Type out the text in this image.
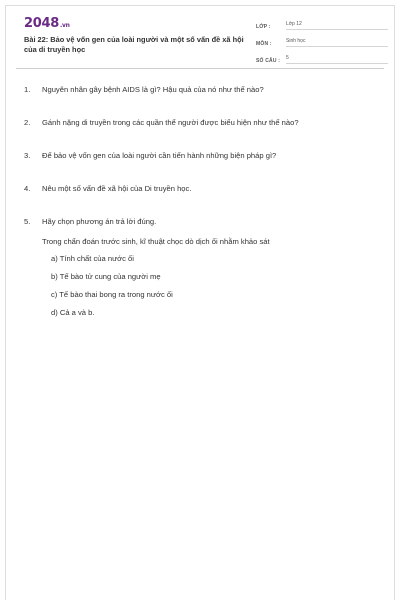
2048.vn
Bài 22: Bảo vệ vốn gen của loài người và một số vấn đề xã hội của di truyền học
LỚP :	Lớp 12
MÔN :	Sinh học
SỐ CÂU :	5
1.	Nguyên nhân gây bệnh AIDS là gì? Hậu quả của nó như thế nào?
2.	Gánh nặng di truyền trong các quần thể người được biểu hiện như thế nào?
3.	Để bảo vệ vốn gen của loài người cần tiến hành những biện pháp gì?
4.	Nêu một số vấn đề xã hội của Di truyền học.
5.	Hãy chọn phương án trả lời đúng.
Trong chẩn đoán trước sinh, kĩ thuật chọc dò dịch ối nhằm khảo sát
a) Tính chất của nước ối
b) Tế bào tử cung của người mẹ
c) Tế bào thai bong ra trong nước ối
d) Cả a và b.
